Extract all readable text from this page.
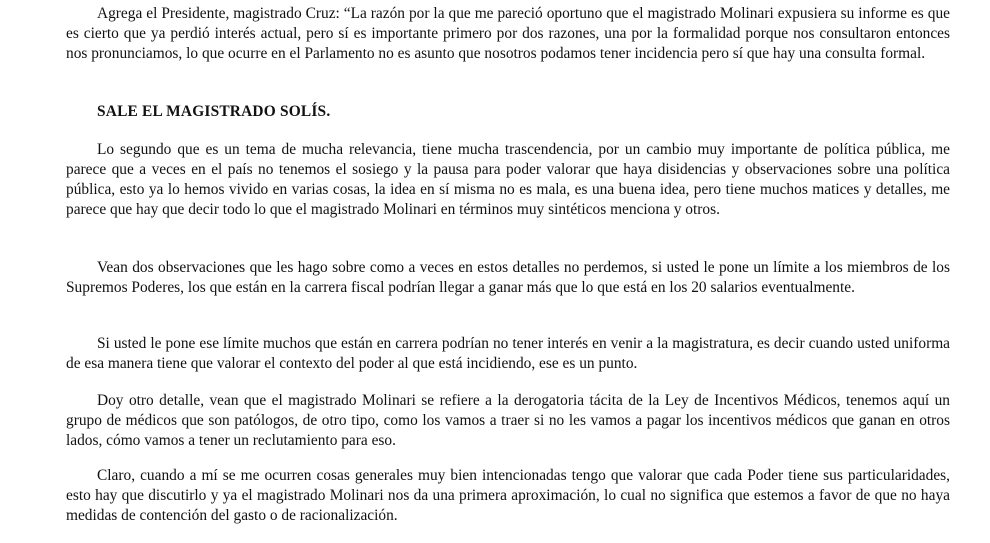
Agrega el Presidente, magistrado Cruz: “La razón por la que me pareció oportuno que el magistrado Molinari expusiera su informe es que es cierto que ya perdió interés actual, pero sí es importante primero por dos razones, una por la formalidad porque nos consultaron entonces nos pronunciamos, lo que ocurre en el Parlamento no es asunto que nosotros podamos tener incidencia pero sí que hay una consulta formal.

SALE EL MAGISTRADO SOLÍS.

Lo segundo que es un tema de mucha relevancia, tiene mucha trascendencia, por un cambio muy importante de política pública, me parece que a veces en el país no tenemos el sosiego y la pausa para poder valorar que haya disidencias y observaciones sobre una política pública, esto ya lo hemos vivido en varias cosas, la idea en sí misma no es mala, es una buena idea, pero tiene muchos matices y detalles, me parece que hay que decir todo lo que el magistrado Molinari en términos muy sintéticos menciona y otros.

Vean dos observaciones que les hago sobre como a veces en estos detalles no perdemos, si usted le pone un límite a los miembros de los Supremos Poderes, los que están en la carrera fiscal podrían llegar a ganar más que lo que está en los 20 salarios eventualmente.

Si usted le pone ese límite muchos que están en carrera podrían no tener interés en venir a la magistratura, es decir cuando usted uniforma de esa manera tiene que valorar el contexto del poder al que está incidiendo, ese es un punto.

Doy otro detalle, vean que el magistrado Molinari se refiere a la derogatoria tácita de la Ley de Incentivos Médicos, tenemos aquí un grupo de médicos que son patólogos, de otro tipo, como los vamos a traer si no les vamos a pagar los incentivos médicos que ganan en otros lados, cómo vamos a tener un reclutamiento para eso.

Claro, cuando a mí se me ocurren cosas generales muy bien intencionadas tengo que valorar que cada Poder tiene sus particularidades, esto hay que discutirlo y ya el magistrado Molinari nos da una primera aproximación, lo cual no significa que estemos a favor de que no haya medidas de contención del gasto o de racionalización.
